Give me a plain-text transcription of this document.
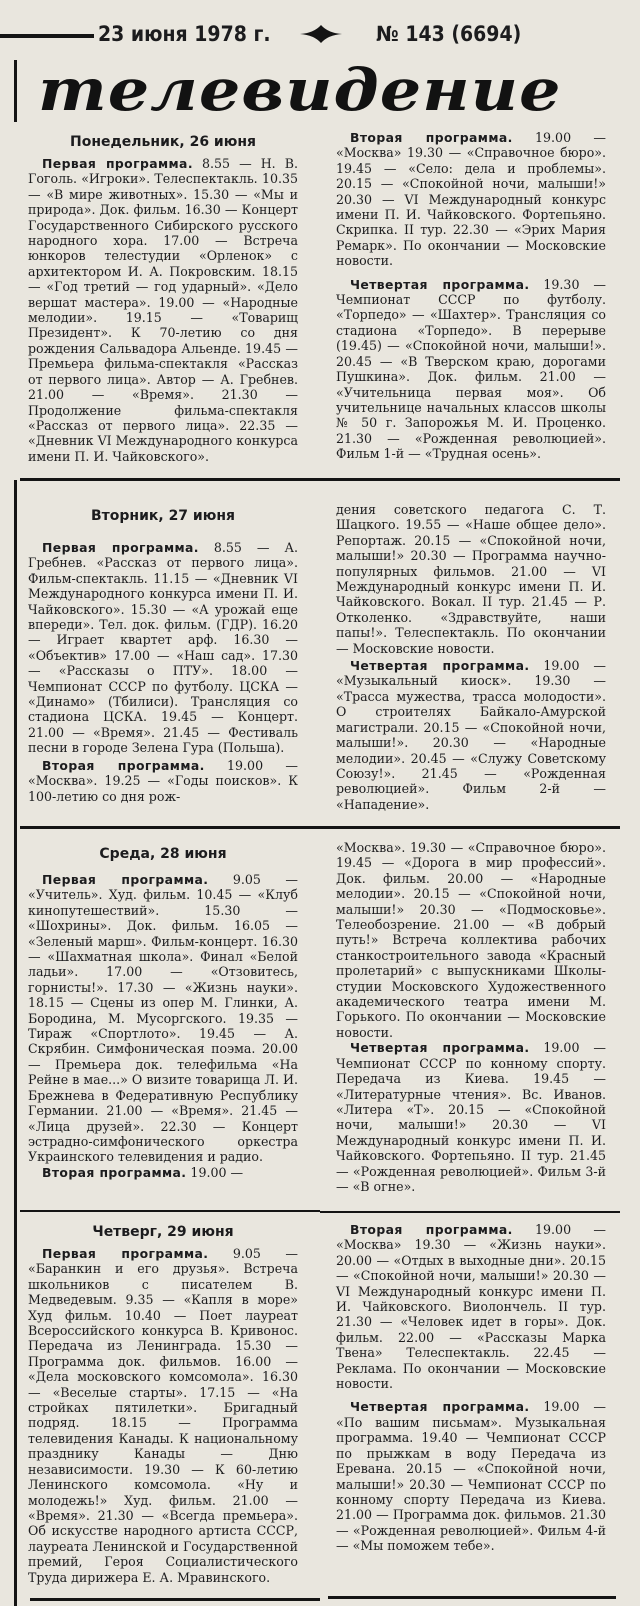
23 июня 1978 г.	№ 143 (6694)
телевидение
Понедельник, 26 июня

Первая программа. 8.55 — Н. В. Гоголь. «Игроки». Телеспектакль. 10.35 — «В мире животных». 15.30 — «Мы и природа». Док. фильм. 16.30 — Концерт Государственного Сибирского русского народного хора. 17.00 — Встреча юнкоров телестудии «Орленок» с архитектором И. А. Покровским. 18.15 — «Год третий — год ударный». «Дело вершат мастера». 19.00 — «Народные мелодии». 19.15 — «Товарищ Президент». К 70-летию со дня рождения Сальвадора Альенде. 19.45 — Премьера фильма-спектакля «Рассказ от первого лица». Автор — А. Гребнев. 21.00 — «Время». 21.30 — Продолжение фильма-спектакля «Рассказ от первого лица». 22.35 — «Дневник VI Международного конкурса имени П. И. Чайковского».

Вторая программа. 19.00 — «Москва» 19.30 — «Справочное бюро». 19.45 — «Село: дела и проблемы». 20.15 — «Спокойной ночи, малыши!» 20.30 — VI Международный конкурс имени П. И. Чайковского. Фортепьяно. Скрипка. II тур. 22.30 — «Эрих Мария Ремарк». По окончании — Московские новости.

Четвертая программа. 19.30 — Чемпионат СССР по футболу. «Торпедо» — «Шахтер». Трансляция со стадиона «Торпедо». В перерыве (19.45) — «Спокойной ночи, малыши!». 20.45 — «В Тверском краю, дорогами Пушкина». Док. фильм. 21.00 — «Учительница первая моя». Об учительнице начальных классов школы № 50 г. Запорожья М. И. Проценко. 21.30 — «Рожденная революцией». Фильм 1-й — «Трудная осень».

Вторник, 27 июня

Первая программа. 8.55 — А. Гребнев. «Рассказ от первого лица». Фильм-спектакль. 11.15 — «Дневник VI Международного конкурса имени П. И. Чайковского». 15.30 — «А урожай еще впереди». Тел. док. фильм. (ГДР). 16.20 — Играет квартет арф. 16.30 — «Объектив» 17.00 — «Наш сад». 17.30 — «Рассказы о ПТУ». 18.00 — Чемпионат СССР по футболу. ЦСКА — «Динамо» (Тбилиси). Трансляция со стадиона ЦСКА. 19.45 — Концерт. 21.00 — «Время». 21.45 — Фестиваль песни в городе Зелена Гура (Польша).

Вторая программа. 19.00 — «Москва». 19.25 — «Годы поисков». К 100-летию со дня рож-

дения советского педагога С. Т. Шацкого. 19.55 — «Наше общее дело». Репортаж. 20.15 — «Спокойной ночи, малыши!» 20.30 — Программа научно-популярных фильмов. 21.00 — VI Международный конкурс имени П. И. Чайковского. Вокал. II тур. 21.45 — Р. Отколенко. «Здравствуйте, наши папы!». Телеспектакль. По окончании — Московские новости.

Четвертая программа. 19.00 — «Музыкальный киоск». 19.30 — «Трасса мужества, трасса молодости». О строителях Байкало-Амурской магистрали. 20.15 — «Спокойной ночи, малыши!». 20.30 — «Народные мелодии». 20.45 — «Служу Советскому Союзу!». 21.45 — «Рожденная революцией». Фильм 2-й — «Нападение».

Среда, 28 июня

Первая программа. 9.05 — «Учитель». Худ. фильм. 10.45 — «Клуб кинопутешествий». 15.30 — «Шохрины». Док. фильм. 16.05 — «Зеленый марш». Фильм-концерт. 16.30 — «Шахматная школа». Финал «Белой ладьи». 17.00 — «Отзовитесь, горнисты!». 17.30 — «Жизнь науки». 18.15 — Сцены из опер М. Глинки, А. Бородина, М. Мусоргского. 19.35 — Тираж «Спортлото». 19.45 — А. Скрябин. Симфоническая поэма. 20.00 — Премьера док. телефильма «На Рейне в мае...» О визите товарища Л. И. Брежнева в Федеративную Республику Германии. 21.00 — «Время». 21.45 — «Лица друзей». 22.30 — Концерт эстрадно-симфонического оркестра Украинского телевидения и радио.

Вторая программа. 19.00 —

«Москва». 19.30 — «Справочное бюро». 19.45 — «Дорога в мир профессий». Док. фильм. 20.00 — «Народные мелодии». 20.15 — «Спокойной ночи, малыши!» 20.30 — «Подмосковье». Телеобозрение. 21.00 — «В добрый путь!» Встреча коллектива рабочих станкостроительного завода «Красный пролетарий» с выпускниками Школы-студии Московского Художественного академического театра имени М. Горького. По окончании — Московские новости.

Четвертая программа. 19.00 — Чемпионат СССР по конному спорту. Передача из Киева. 19.45 — «Литературные чтения». Вс. Иванов. «Литера «Т». 20.15 — «Спокойной ночи, малыши!» 20.30 — VI Международный конкурс имени П. И. Чайковского. Фортепьяно. II тур. 21.45 — «Рожденная революцией». Фильм 3-й — «В огне».

Четверг, 29 июня

Первая программа. 9.05 — «Баранкин и его друзья». Встреча школьников с писателем В. Медведевым. 9.35 — «Капля в море» Худ фильм. 10.40 — Поет лауреат Всероссийского конкурса В. Кривонос. Передача из Ленинграда. 15.30 — Программа док. фильмов. 16.00 — «Дела московского комсомола». 16.30 — «Веселые старты». 17.15 — «На стройках пятилетки». Бригадный подряд. 18.15 — Программа телевидения Канады. К национальному празднику Канады — Дню независимости. 19.30 — К 60-летию Ленинского комсомола. «Ну и молодежь!» Худ. фильм. 21.00 — «Время». 21.30 — «Всегда премьера». Об искусстве народного артиста СССР, лауреата Ленинской и Государственной премий, Героя Социалистического Труда дирижера Е. А. Мравинского.

Вторая программа. 19.00 — «Москва» 19.30 — «Жизнь науки». 20.00 — «Отдых в выходные дни». 20.15 — «Спокойной ночи, малыши!» 20.30 — VI Международный конкурс имени П. И. Чайковского. Виолончель. II тур. 21.30 — «Человек идет в горы». Док. фильм. 22.00 — «Рассказы Марка Твена» Телеспектакль. 22.45 — Реклама. По окончании — Московские новости.

Четвертая программа. 19.00 — «По вашим письмам». Музыкальная программа. 19.40 — Чемпионат СССР по прыжкам в воду Передача из Еревана. 20.15 — «Спокойной ночи, малыши!» 20.30 — Чемпионат СССР по конному спорту Передача из Киева. 21.00 — Программа док. фильмов. 21.30 — «Рожденная революцией». Фильм 4-й — «Мы поможем тебе».
